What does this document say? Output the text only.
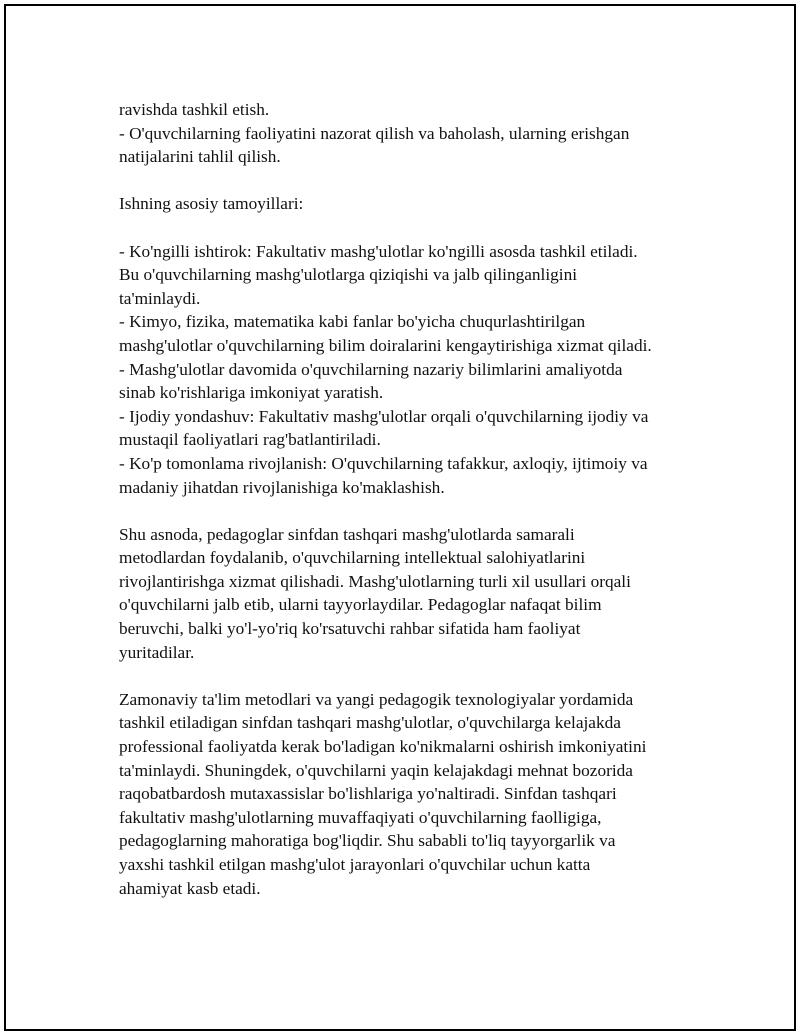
ravishda tashkil etish.
- O'quvchilarning faoliyatini nazorat qilish va baholash, ularning erishgan
natijalarini tahlil qilish.
Ishning asosiy tamoyillari:
- Ko'ngilli ishtirok: Fakultativ mashg'ulotlar ko'ngilli asosda tashkil etiladi.
Bu o'quvchilarning mashg'ulotlarga qiziqishi va jalb qilinganligini
ta'minlaydi.
- Kimyo, fizika, matematika kabi fanlar bo'yicha chuqurlashtirilgan
mashg'ulotlar o'quvchilarning bilim doiralarini kengaytirishiga xizmat qiladi.
- Mashg'ulotlar davomida o'quvchilarning nazariy bilimlarini amaliyotda
sinab ko'rishlariga imkoniyat yaratish.
- Ijodiy yondashuv: Fakultativ mashg'ulotlar orqali o'quvchilarning ijodiy va
mustaqil faoliyatlari rag'batlantiriladi.
- Ko'p tomonlama rivojlanish: O'quvchilarning tafakkur, axloqiy, ijtimoiy va
madaniy jihatdan rivojlanishiga ko'maklashish.
Shu asnoda, pedagoglar sinfdan tashqari mashg'ulotlarda samarali
metodlardan foydalanib, o'quvchilarning intellektual salohiyatlarini
rivojlantirishga xizmat qilishadi. Mashg'ulotlarning turli xil usullari orqali
o'quvchilarni jalb etib, ularni tayyorlaydilar. Pedagoglar nafaqat bilim
beruvchi, balki yo'l-yo'riq ko'rsatuvchi rahbar sifatida ham faoliyat
yuritadilar.
Zamonaviy ta'lim metodlari va yangi pedagogik texnologiyalar yordamida
tashkil etiladigan sinfdan tashqari mashg'ulotlar, o'quvchilarga kelajakda
professional faoliyatda kerak bo'ladigan ko'nikmalarni oshirish imkoniyatini
ta'minlaydi. Shuningdek, o'quvchilarni yaqin kelajakdagi mehnat bozorida
raqobatbardosh mutaxassislar bo'lishlariga yo'naltiradi. Sinfdan tashqari
fakultativ mashg'ulotlarning muvaffaqiyati o'quvchilarning faolligiga,
pedagoglarning mahoratiga bog'liqdir. Shu sababli to'liq tayyorgarlik va
yaxshi tashkil etilgan mashg'ulot jarayonlari o'quvchilar uchun katta
ahamiyat kasb etadi.
